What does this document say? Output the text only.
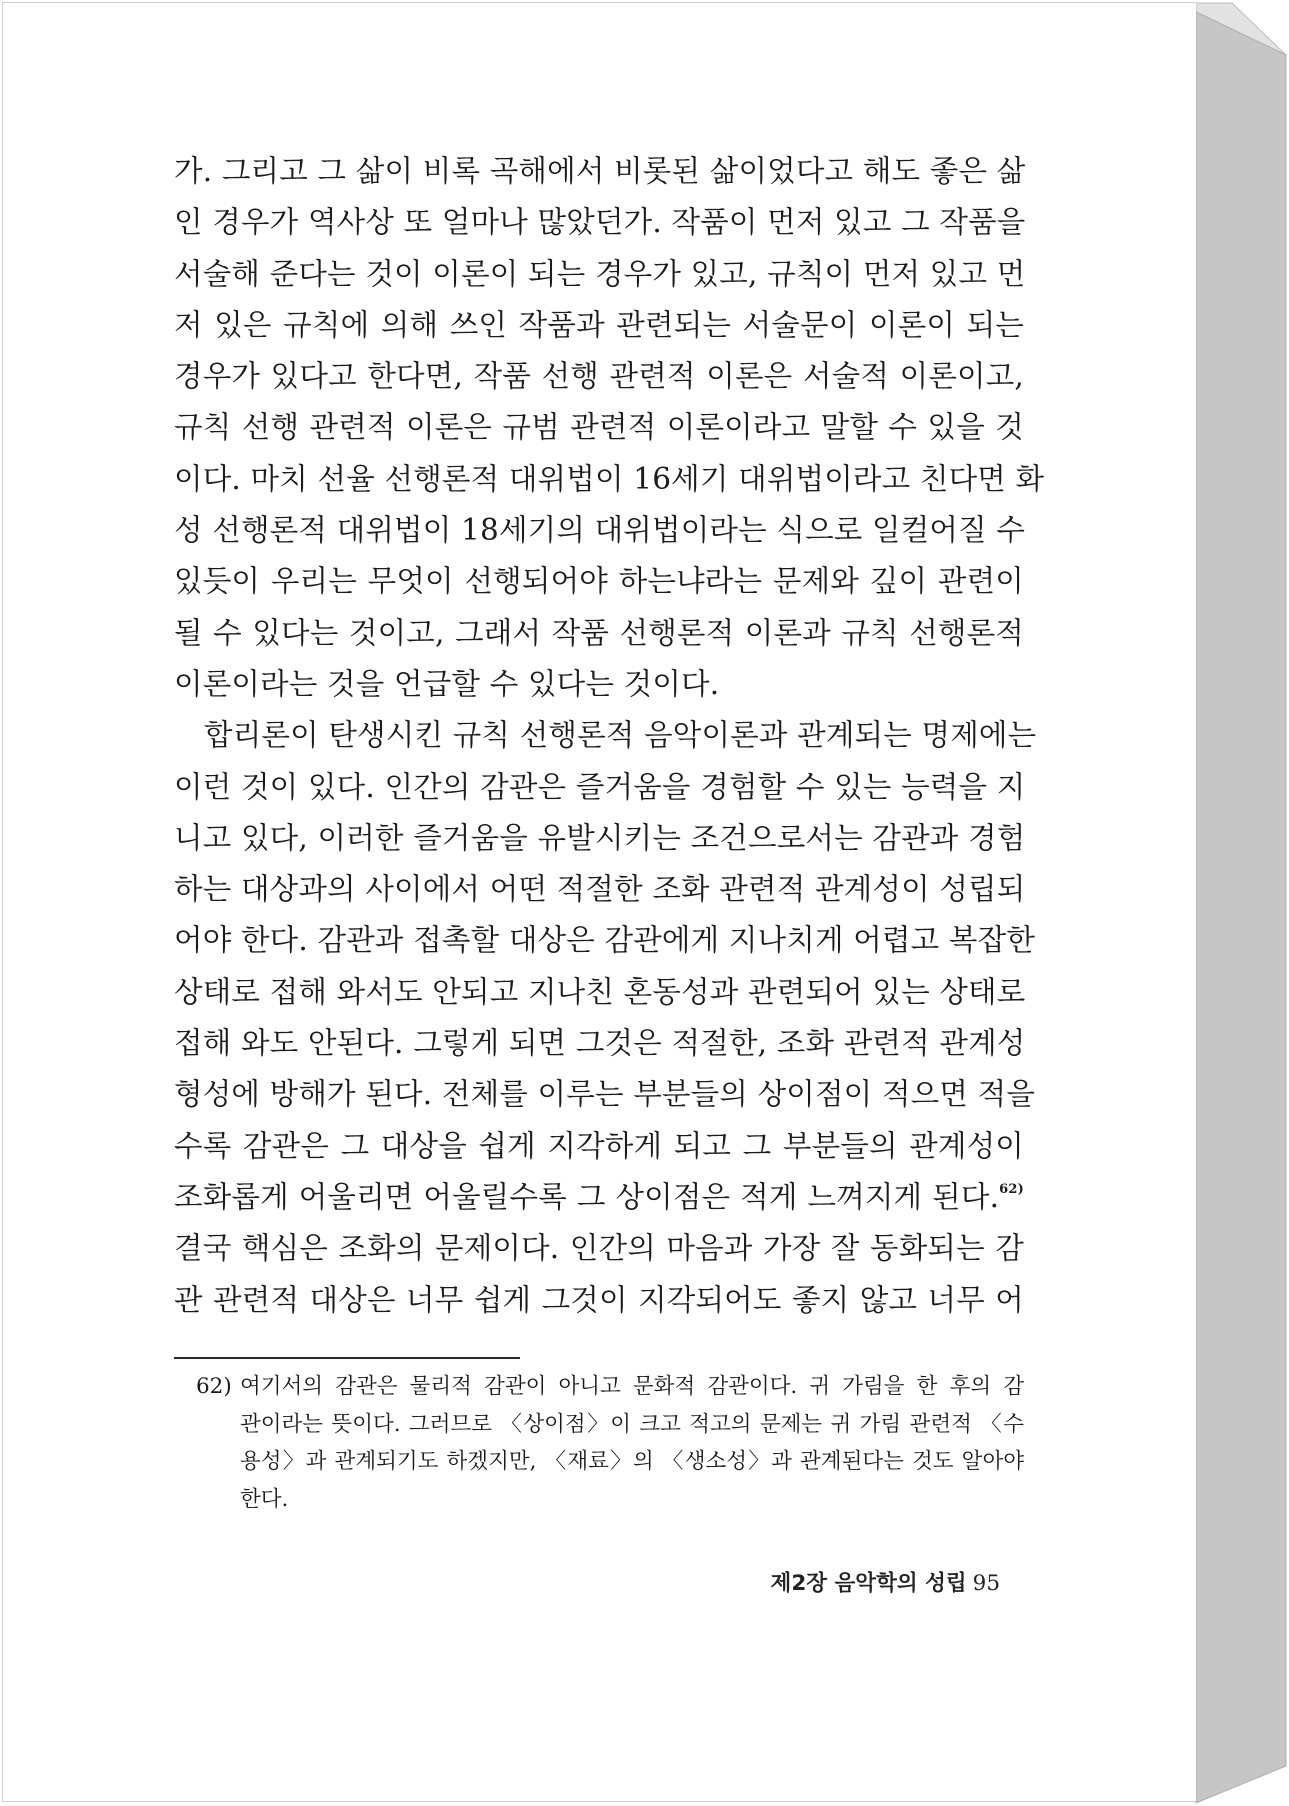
가. 그리고 그 삶이 비록 곡해에서 비롯된 삶이었다고 해도 좋은 삶
인 경우가 역사상 또 얼마나 많았던가. 작품이 먼저 있고 그 작품을
서술해 준다는 것이 이론이 되는 경우가 있고, 규칙이 먼저 있고 먼
저 있은 규칙에 의해 쓰인 작품과 관련되는 서술문이 이론이 되는
경우가 있다고 한다면, 작품 선행 관련적 이론은 서술적 이론이고,
규칙 선행 관련적 이론은 규범 관련적 이론이라고 말할 수 있을 것
이다. 마치 선율 선행론적 대위법이 16세기 대위법이라고 친다면 화
성 선행론적 대위법이 18세기의 대위법이라는 식으로 일컬어질 수
있듯이 우리는 무엇이 선행되어야 하는냐라는 문제와 깊이 관련이
될 수 있다는 것이고, 그래서 작품 선행론적 이론과 규칙 선행론적
이론이라는 것을 언급할 수 있다는 것이다.
합리론이 탄생시킨 규칙 선행론적 음악이론과 관계되는 명제에는
이런 것이 있다. 인간의 감관은 즐거움을 경험할 수 있는 능력을 지
니고 있다, 이러한 즐거움을 유발시키는 조건으로서는 감관과 경험
하는 대상과의 사이에서 어떤 적절한 조화 관련적 관계성이 성립되
어야 한다. 감관과 접촉할 대상은 감관에게 지나치게 어렵고 복잡한
상태로 접해 와서도 안되고 지나친 혼동성과 관련되어 있는 상태로
접해 와도 안된다. 그렇게 되면 그것은 적절한, 조화 관련적 관계성
형성에 방해가 된다. 전체를 이루는 부분들의 상이점이 적으면 적을
수록 감관은 그 대상을 쉽게 지각하게 되고 그 부분들의 관계성이
조화롭게 어울리면 어울릴수록 그 상이점은 적게 느껴지게 된다.$^{62)}$
결국 핵심은 조화의 문제이다. 인간의 마음과 가장 잘 동화되는 감
관 관련적 대상은 너무 쉽게 그것이 지각되어도 좋지 않고 너무 어
62) 여기서의 감관은 물리적 감관이 아니고 문화적 감관이다. 귀 가림을 한 후의 감
관이라는 뜻이다. 그러므로 〈상이점〉이 크고 적고의 문제는 귀 가림 관련적 〈수
용성〉과 관계되기도 하겠지만, 〈재료〉의 〈생소성〉과 관계된다는 것도 알아야
한다.
제2장 음악학의 성립 95
